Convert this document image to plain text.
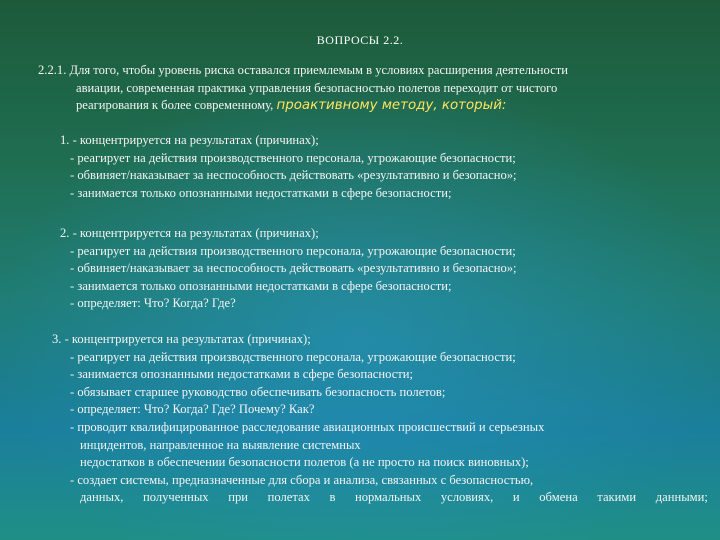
ВОПРОСЫ 2.2.
2.2.1. Для того, чтобы уровень риска оставался приемлемым в условиях расширения деятельности
авиации, современная практика управления безопасностью полетов переходит от чистого
реагирования к более современному, проактивному методу, который:
1. - концентрируется на результатах (причинах);
- реагирует на действия производственного персонала, угрожающие безопасности;
- обвиняет/наказывает за неспособность действовать «результативно и безопасно»;
- занимается только опознанными недостатками в сфере безопасности;
2. - концентрируется на результатах (причинах);
- реагирует на действия производственного персонала, угрожающие безопасности;
- обвиняет/наказывает за неспособность действовать «результативно и безопасно»;
- занимается только опознанными недостатками в сфере безопасности;
- определяет: Что? Когда? Где?
3. - концентрируется на результатах (причинах);
- реагирует на действия производственного персонала, угрожающие безопасности;
- занимается опознанными недостатками в сфере безопасности;
- обязывает старшее руководство обеспечивать безопасность полетов;
- определяет: Что? Когда? Где? Почему? Как?
- проводит квалифицированное расследование авиационных происшествий и серьезных
инцидентов, направленное на выявление системных
недостатков в обеспечении безопасности полетов (а не просто на поиск виновных);
- создает системы, предназначенные для сбора и анализа, связанных с безопасностью,
данных, полученных при полетах в нормальных условиях, и обмена такими данными;
